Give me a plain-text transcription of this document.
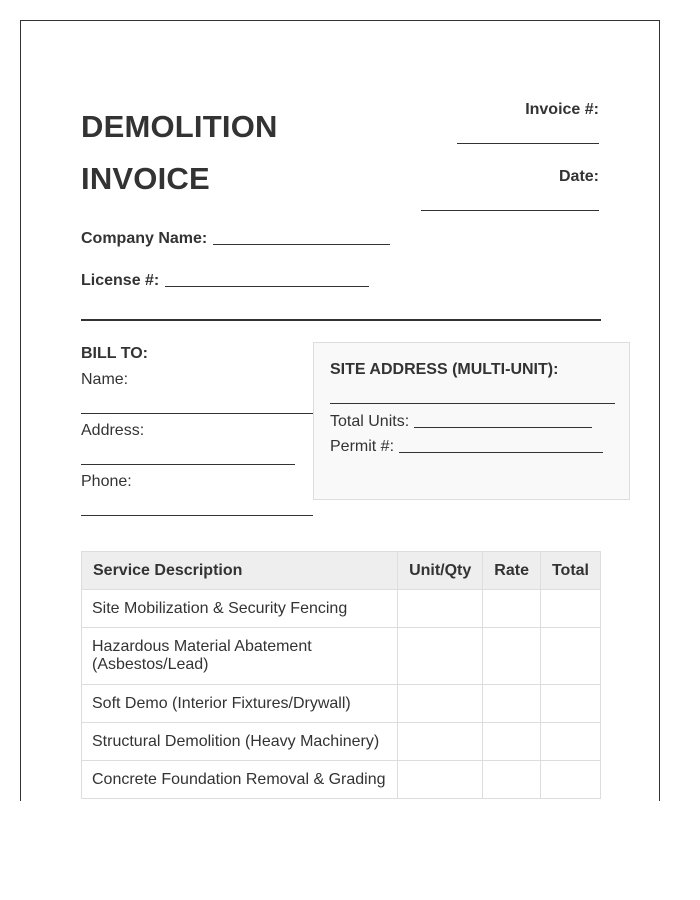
DEMOLITION
INVOICE
Invoice #:
Date:
Company Name:
License #:
BILL TO:
Name:
Address:
Phone:
SITE ADDRESS (MULTI-UNIT):
Total Units:
Permit #:
Service Description	Unit/Qty	Rate	Total
Site Mobilization & Security Fencing			
Hazardous Material Abatement (Asbestos/Lead)			
Soft Demo (Interior Fixtures/Drywall)			
Structural Demolition (Heavy Machinery)			
Concrete Foundation Removal & Grading			
